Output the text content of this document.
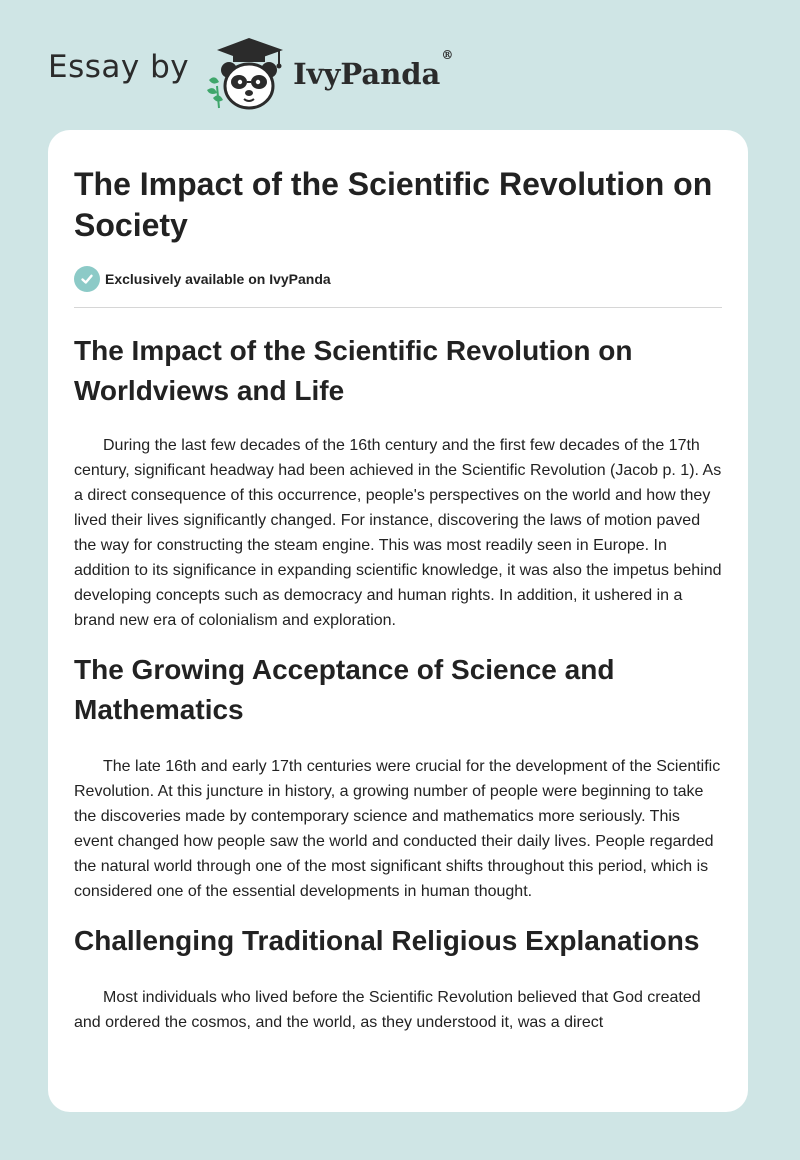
Essay by	IvyPanda®
The Impact of the Scientific Revolution on Society
Exclusively available on IvyPanda
The Impact of the Scientific Revolution on Worldviews and Life

During the last few decades of the 16th century and the first few decades of the 17th century, significant headway had been achieved in the Scientific Revolution (Jacob p. 1). As a direct consequence of this occurrence, people's perspectives on the world and how they lived their lives significantly changed. For instance, discovering the laws of motion paved the way for constructing the steam engine. This was most readily seen in Europe. In addition to its significance in expanding scientific knowledge, it was also the impetus behind developing concepts such as democracy and human rights. In addition, it ushered in a brand new era of colonialism and exploration.

The Growing Acceptance of Science and Mathematics

The late 16th and early 17th centuries were crucial for the development of the Scientific Revolution. At this juncture in history, a growing number of people were beginning to take the discoveries made by contemporary science and mathematics more seriously. This event changed how people saw the world and conducted their daily lives. People regarded the natural world through one of the most significant shifts throughout this period, which is considered one of the essential developments in human thought.

Challenging Traditional Religious Explanations

Most individuals who lived before the Scientific Revolution believed that God created and ordered the cosmos, and the world, as they understood it, was a direct
